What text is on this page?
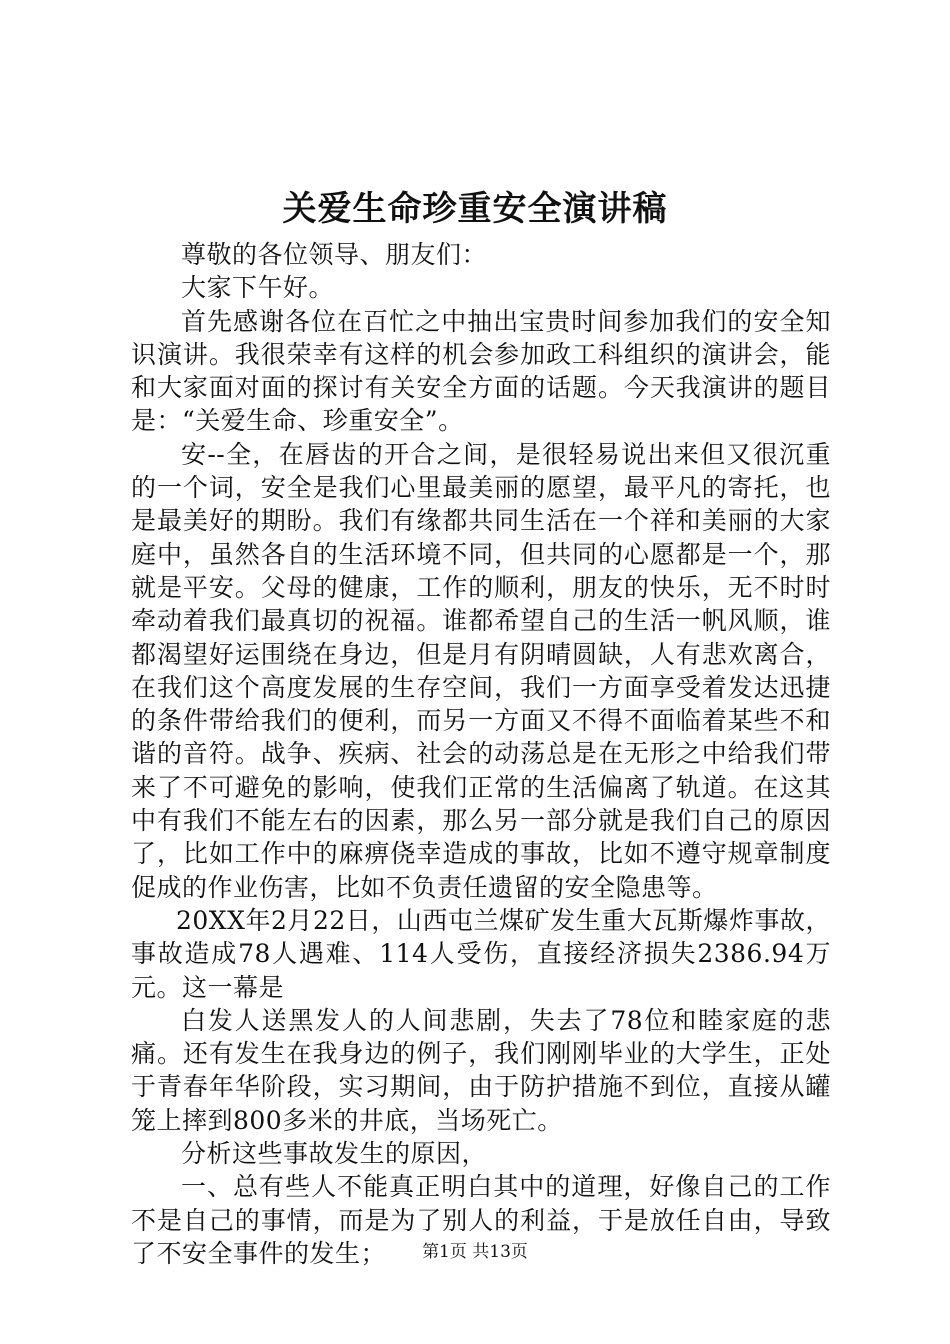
关爱生命珍重安全演讲稿

尊敬的各位领导、朋友们：

大家下午好。

首先感谢各位在百忙之中抽出宝贵时间参加我们的安全知识演讲。我很荣幸有这样的机会参加政工科组织的演讲会，能和大家面对面的探讨有关安全方面的话题。今天我演讲的题目是：“关爱生命、珍重安全”。

安--全，在唇齿的开合之间，是很轻易说出来但又很沉重的一个词，安全是我们心里最美丽的愿望，最平凡的寄托，也是最美好的期盼。我们有缘都共同生活在一个祥和美丽的大家庭中，虽然各自的生活环境不同，但共同的心愿都是一个，那就是平安。父母的健康，工作的顺利，朋友的快乐，无不时时牵动着我们最真切的祝福。谁都希望自己的生活一帆风顺，谁都渴望好运围绕在身边，但是月有阴晴圆缺，人有悲欢离合，在我们这个高度发展的生存空间，我们一方面享受着发达迅捷的条件带给我们的便利，而另一方面又不得不面临着某些不和谐的音符。战争、疾病、社会的动荡总是在无形之中给我们带来了不可避免的影响，使我们正常的生活偏离了轨道。在这其中有我们不能左右的因素，那么另一部分就是我们自己的原因了，比如工作中的麻痹侥幸造成的事故，比如不遵守规章制度促成的作业伤害，比如不负责任遗留的安全隐患等。

20XX年2月22日，山西屯兰煤矿发生重大瓦斯爆炸事故，事故造成78人遇难、114人受伤，直接经济损失2386.94万元。这一幕是

白发人送黑发人的人间悲剧，失去了78位和睦家庭的悲痛。还有发生在我身边的例子，我们刚刚毕业的大学生，正处于青春年华阶段，实习期间，由于防护措施不到位，直接从罐笼上摔到800多米的井底，当场死亡。

分析这些事故发生的原因，

一、总有些人不能真正明白其中的道理，好像自己的工作不是自己的事情，而是为了别人的利益，于是放任自由，导致了不安全事件的发生；	第1页 共13页
